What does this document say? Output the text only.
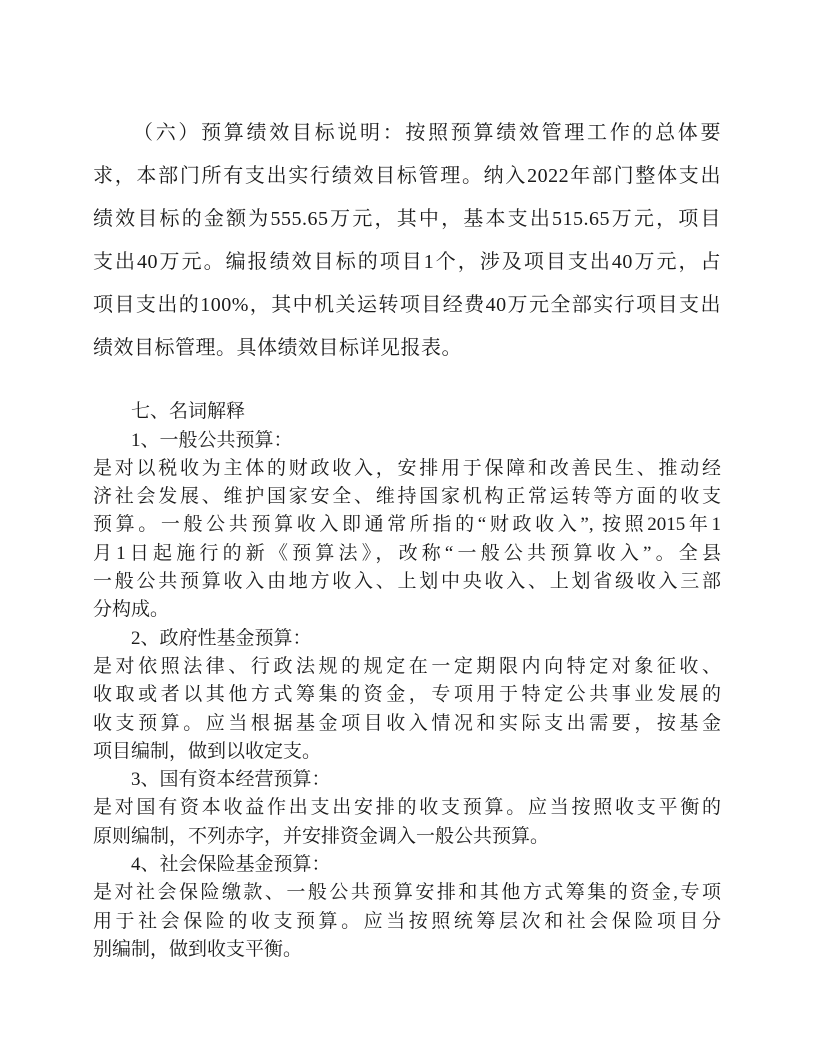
（六）预算绩效目标说明：按照预算绩效管理工作的总体要
求，本部门所有支出实行绩效目标管理。纳入2022年部门整体支出
绩效目标的金额为555.65万元，其中，基本支出515.65万元，项目
支出40万元。编报绩效目标的项目1个，涉及项目支出40万元，占
项目支出的100%，其中机关运转项目经费40万元全部实行项目支出
绩效目标管理。具体绩效目标详见报表。
七、名词解释
1、一般公共预算：
是对以税收为主体的财政收入，安排用于保障和改善民生、推动经
济社会发展、维护国家安全、维持国家机构正常运转等方面的收支
预算。一般公共预算收入即通常所指的“财政收入”, 按照2015年1
月1日起施行的新《预算法》，改称“一般公共预算收入”。全县
一般公共预算收入由地方收入、上划中央收入、上划省级收入三部
分构成。
2、政府性基金预算：
是对依照法律、行政法规的规定在一定期限内向特定对象征收、
收取或者以其他方式筹集的资金，专项用于特定公共事业发展的
收支预算。应当根据基金项目收入情况和实际支出需要，按基金
项目编制，做到以收定支。
3、国有资本经营预算：
是对国有资本收益作出支出安排的收支预算。应当按照收支平衡的
原则编制，不列赤字，并安排资金调入一般公共预算。
4、社会保险基金预算：
是对社会保险缴款、一般公共预算安排和其他方式筹集的资金,专项
用于社会保险的收支预算。应当按照统筹层次和社会保险项目分
别编制，做到收支平衡。
